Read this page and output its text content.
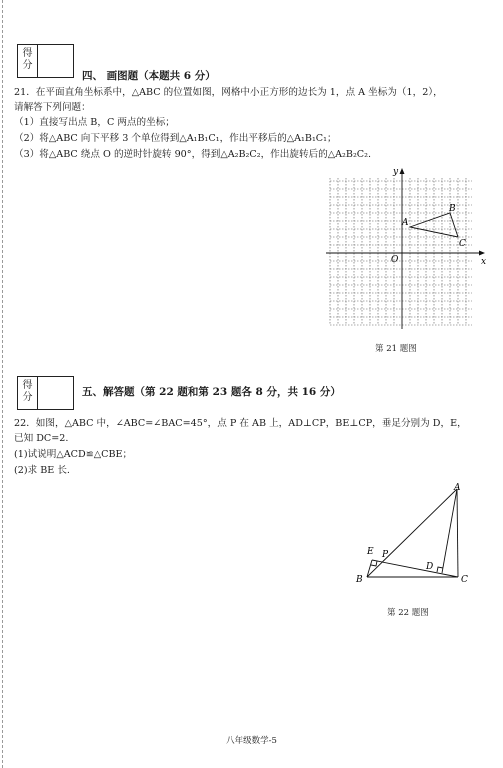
得
分
四、 画图题（本题共 6 分）
21．在平面直角坐标系中，△ABC 的位置如图，网格中小正方形的边长为 1，点 A 坐标为（1，2），
请解答下列问题：
（1）直接写出点 B，C 两点的坐标；
（2）将△ABC 向下平移 3 个单位得到△A₁B₁C₁，作出平移后的△A₁B₁C₁；
（3）将△ABC 绕点 O 的逆时针旋转 90°，得到△A₂B₂C₂，作出旋转后的△A₂B₂C₂.
x
y
O
A
B
C
第 21 题图
得
分	五、解答题（第 22 题和第 23 题各 8 分，共 16 分）
22．如图，△ABC 中，∠ABC=∠BAC=45°，点 P 在 AB 上，AD⊥CP，BE⊥CP，垂足分别为 D，E，
已知 DC=2.
(1)试说明△ACD≌△CBE；
(2)求 BE 长.
A
B	C
D
E P
第 22 题图
八年级数学-5
